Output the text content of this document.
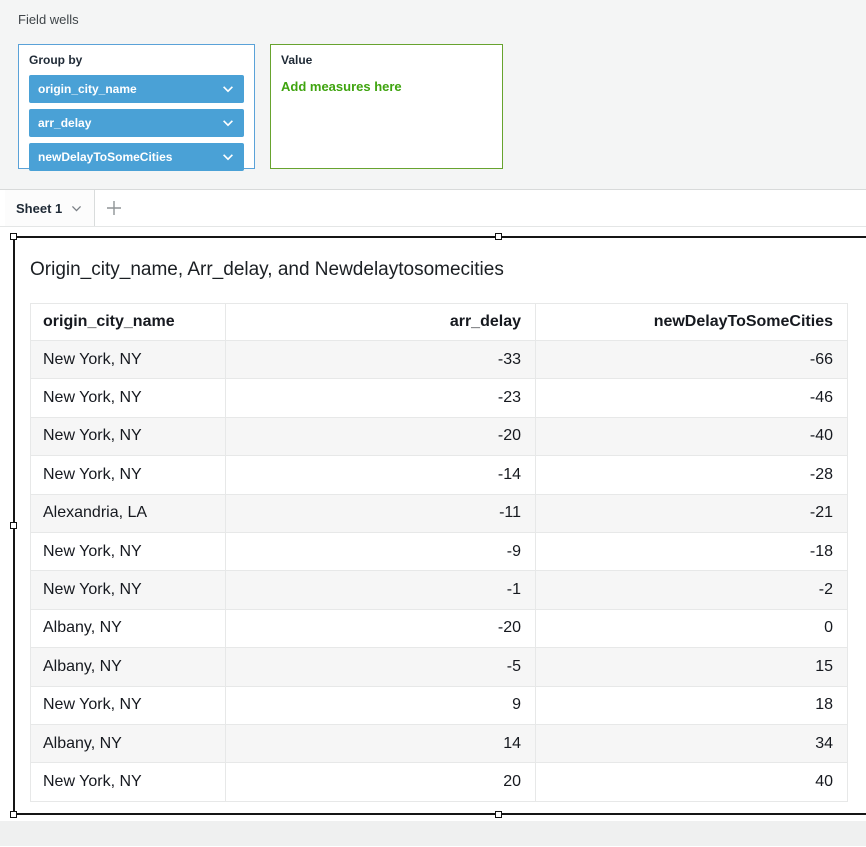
Field wells
Group by
origin_city_name
arr_delay
newDelayToSomeCities
Value
Add measures here
Sheet 1
Origin_city_name, Arr_delay, and Newdelaytosomecities
origin_city_name	arr_delay	newDelayToSomeCities
New York, NY	-33	-66
New York, NY	-23	-46
New York, NY	-20	-40
New York, NY	-14	-28
Alexandria, LA	-11	-21
New York, NY	-9	-18
New York, NY	-1	-2
Albany, NY	-20	0
Albany, NY	-5	15
New York, NY	9	18
Albany, NY	14	34
New York, NY	20	40
